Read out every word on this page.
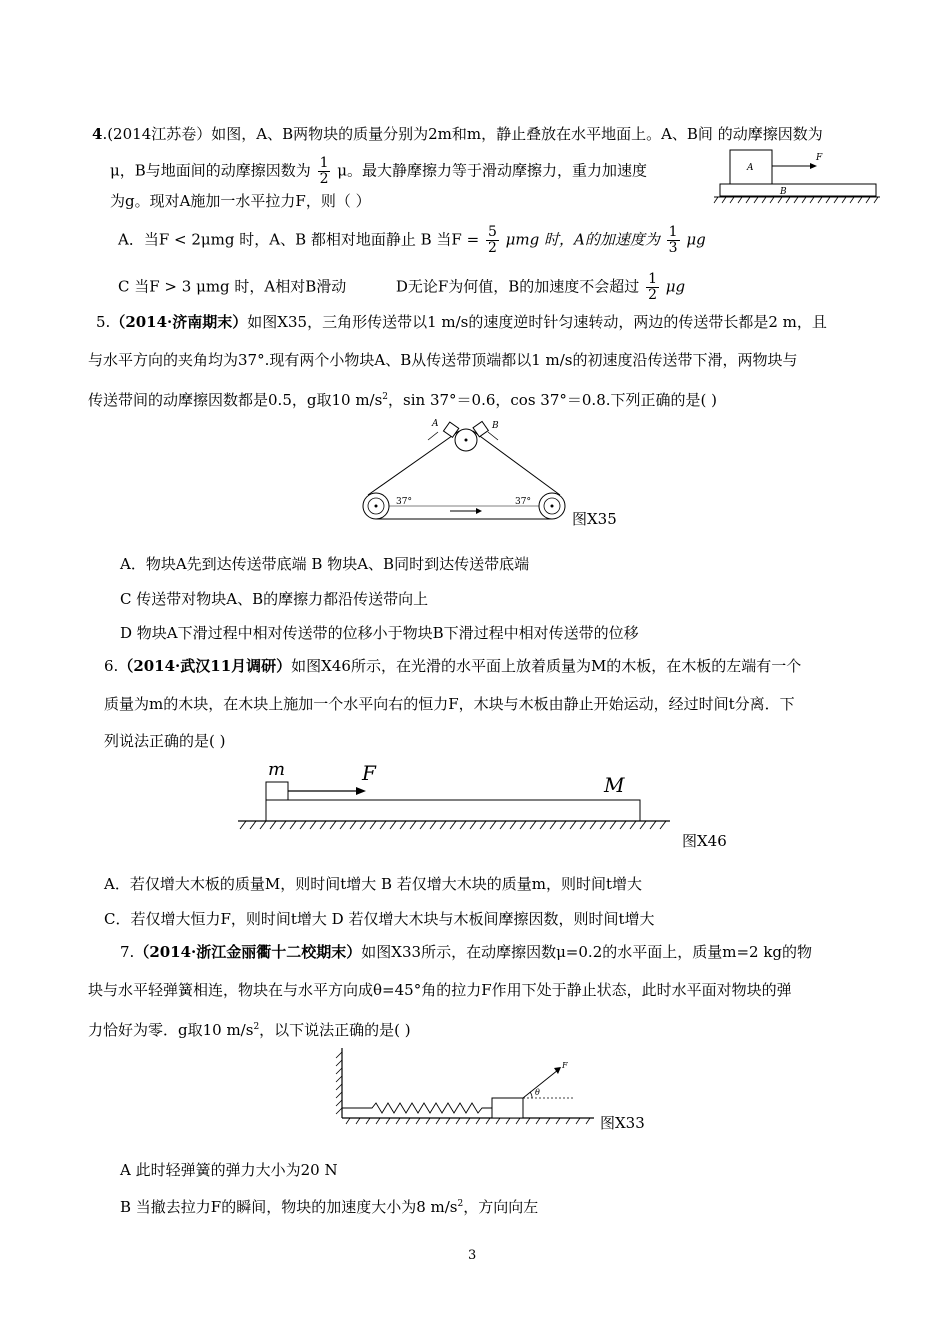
4.(2014江苏卷）如图，A、B两物块的质量分别为2m和m，静止叠放在水平地面上。A、B间 的动摩擦因数为
μ，B与地面间的动摩擦因数为 $\frac{1}{2}$ μ。最大静摩擦力等于滑动摩擦力，重力加速度
为g。现对A施加一水平拉力F，则（ ）
A
F
B
A．当F < 2μmg 时，A、B 都相对地面静止 B 当$F = \frac{5}{2}$ μmg 时，A的加速度为 $\frac{1}{3}$ μg
C 当F > 3 μmg 时，A相对B滑动	D无论F为何值，B的加速度不会超过 $\frac{1}{2}$ μg
5.（2014·济南期末）如图X35，三角形传送带以1 m/s的速度逆时针匀速转动，两边的传送带长都是2 m，且
与水平方向的夹角均为37°.现有两个小物块A、B从传送带顶端都以1 m/s的初速度沿传送带下滑，两物块与
传送带间的动摩擦因数都是0.5，g取10 $m/s^2$，sin 37°＝0.6，cos 37°＝0.8.下列正确的是( )
A	B
37°	37°
图X35
A．物块A先到达传送带底端 B 物块A、B同时到达传送带底端
C 传送带对物块A、B的摩擦力都沿传送带向上
D 物块A下滑过程中相对传送带的位移小于物块B下滑过程中相对传送带的位移
6.（2014·武汉11月调研）如图X46所示，在光滑的水平面上放着质量为M的木板，在木板的左端有一个
质量为m的木块，在木块上施加一个水平向右的恒力F，木块与木板由静止开始运动，经过时间t分离．下
列说法正确的是( )
m	F	M
图X46
A．若仅增大木板的质量M，则时间t增大 B 若仅增大木块的质量m，则时间t增大
C．若仅增大恒力F，则时间t增大 D 若仅增大木块与木板间摩擦因数，则时间t增大
7.（2014·浙江金丽衢十二校期末）如图X33所示，在动摩擦因数μ=0.2的水平面上，质量m=2 kg的物
块与水平轻弹簧相连，物块在与水平方向成θ=45°角的拉力F作用下处于静止状态，此时水平面对物块的弹
力恰好为零．g取10 $m/s^2$，以下说法正确的是( )
F
θ
图X33
A 此时轻弹簧的弹力大小为20 N
B 当撤去拉力F的瞬间，物块的加速度大小为8 $m/s^2$，方向向左
3
